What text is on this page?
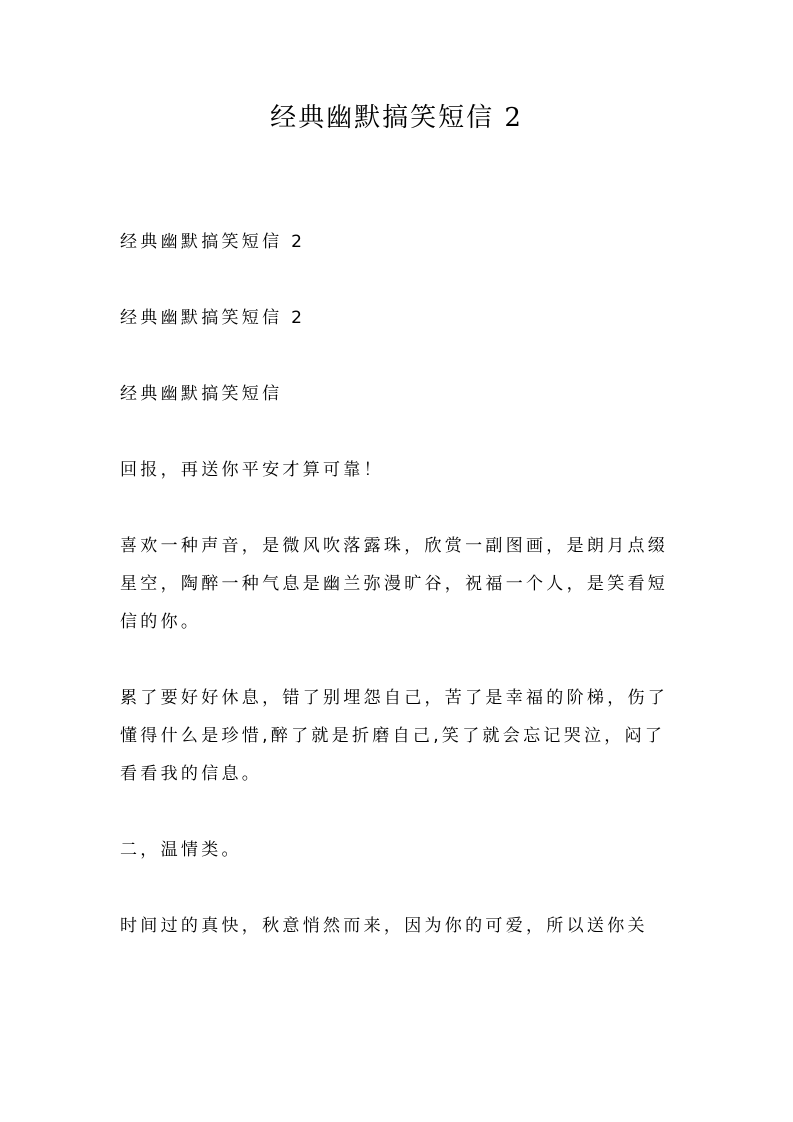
经典幽默搞笑短信 2

经典幽默搞笑短信 2

经典幽默搞笑短信 2

经典幽默搞笑短信

回报，再送你平安才算可靠！

喜欢一种声音，是微风吹落露珠，欣赏一副图画，是朗月点缀星空，陶醉一种气息是幽兰弥漫旷谷，祝福一个人，是笑看短信的你。

累了要好好休息，错了别埋怨自己，苦了是幸福的阶梯，伤了懂得什么是珍惜,醉了就是折磨自己,笑了就会忘记哭泣，闷了看看我的信息。

二，温情类。

时间过的真快，秋意悄然而来，因为你的可爱，所以送你关
